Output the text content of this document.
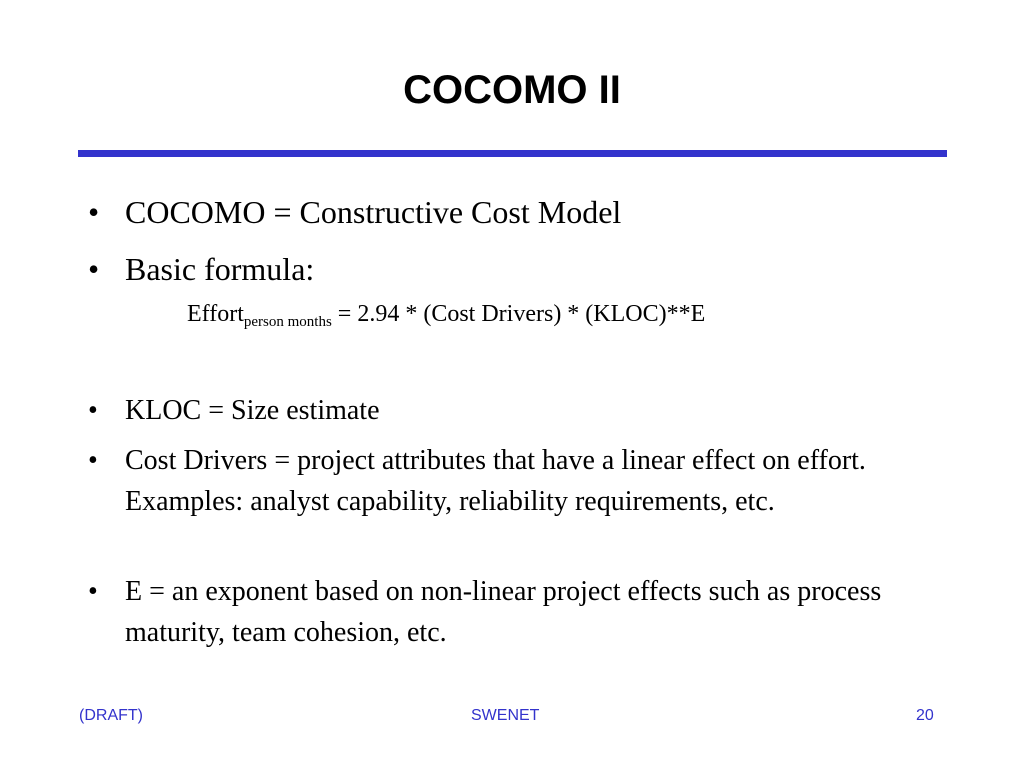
COCOMO II
• COCOMO = Constructive Cost Model
• Basic formula:
Effort$_{person months}$ = 2.94 * (Cost Drivers) * (KLOC)**E
• KLOC = Size estimate
• Cost Drivers = project attributes that have a linear effect on effort. Examples: analyst capability, reliability requirements, etc.
• E = an exponent based on non-linear project effects such as process maturity, team cohesion, etc.
(DRAFT)	SWENET	20
